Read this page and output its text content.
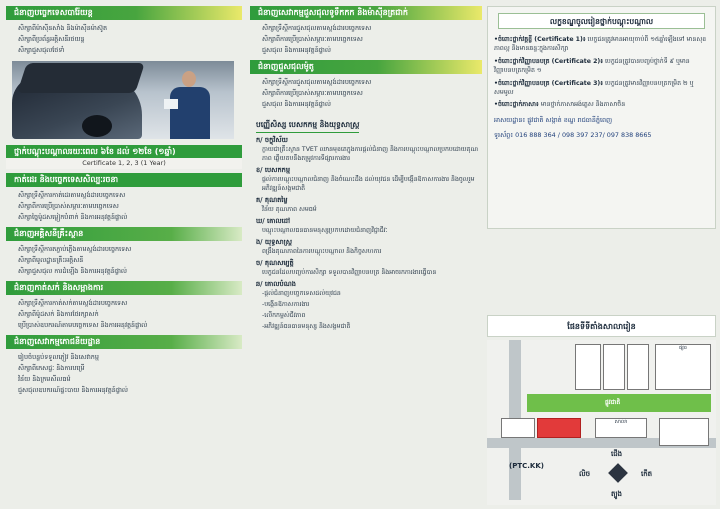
ជំនាញបច្ចេកទេសបារ៉ែយន្ត
• សិក្សាពីម៉ាស៊ីនសាំង និងម៉ាស៊ីនម៉ាស៊ូត
• សិក្សាពីប្រព័ន្ធអគ្គិសនីរថយន្ត
• សិក្សាជួសជុលថែទាំ
ថ្នាក់បណ្តុះបណ្តាលរយៈពេល ៦ខែ ដល់ ១២ខែ (១ឆ្នាំ)
Certificate 1, 2, 3 (1 Year)
កាត់ដេរ និងបច្ចេកទេសសិល្បៈរចនា
• សិក្សាទ្រឹស្តីការកាត់ដេរតាមស្តង់ដារបច្ចេកទេស
• សិក្សាពីការប្រើប្រាស់សម្ភារៈតាមបច្ចេកទេស
• សិក្សាច្នៃម៉ូដសម្លៀកបំពាក់ និងការអនុវត្តន៍ផ្ទាល់
ជំនាញអគ្គិសនីគ្រឹះស្ថាន
• សិក្សាទ្រឹស្តីការតភ្ជាប់ភ្លើងតាមស្តង់ដារបច្ចេកទេស
• សិក្សាពីមូលដ្ឋានគ្រឹះអគ្គិសនី
• សិក្សាជួសជុល ការដំឡើង និងការអនុវត្តន៍ផ្ទាល់
ជំនាញកាត់សក់ និងសម្អាងការ
• សិក្សាទ្រឹស្តីការកាត់សក់តាមស្តង់ដារបច្ចេកទេស
• សិក្សាពីម៉ូដសក់ និងការថែរក្សាសក់
• ប្រើប្រាស់ឧបករណ៍តាមបច្ចេកទេស និងការអនុវត្តន៍ផ្ទាល់
ជំនាញសេវាកម្មភោជនីយដ្ឋាន
• រៀបចំបន្ទប់ទទួលភ្ញៀវ និងសេវាកម្ម
• សិក្សាពីភេសជ្ជៈ និងការបម្រើ
• វិន័យ និងក្រមសីលធម៌
• ជួសជុលឧបករណ៍ផ្ទះបាយ និងការអនុវត្តន៍ផ្ទាល់
ជំនាញសេវាកម្មជួសជុលទូទឹកកក និងម៉ាស៊ីនត្រជាក់
• សិក្សាទ្រឹស្តីការជួសជុលតាមស្តង់ដារបច្ចេកទេស
• សិក្សាពីការប្រើប្រាស់សម្ភារៈតាមបច្ចេកទេស
• ជួសជុល និងការអនុវត្តន៍ផ្ទាល់
ជំនាញជួសជុលម៉ូតូ
• សិក្សាទ្រឹស្តីការជួសជុលតាមស្តង់ដារបច្ចេកទេស
• សិក្សាពីការប្រើប្រាស់សម្ភារៈតាមបច្ចេកទេស
• ជួសជុល និងការអនុវត្តន៍ផ្ទាល់
បញ្ញើសិស្ស បេសកកម្ម និងយុទ្ធសាស្ត្រ
ក/ ចក្ខុវិស័យ
ក្លាយជាគ្រឹះស្ថាន TVET ឈានមុខគេក្នុងការផ្តល់ជំនាញ និងការបណ្តុះបណ្តាលប្រកបដោយគុណភាព ឆ្លើយតបនឹងតម្រូវការទីផ្សារការងារ
ខ/ បេសកកម្ម
ផ្តល់ការបណ្តុះបណ្តាលជំនាញ និងចំណេះដឹង ដល់យុវជន ដើម្បីបង្កើនឱកាសការងារ និងចូលរួមអភិវឌ្ឍន៍សង្គមជាតិ
គ/ គុណតម្លៃ
វិន័យ គុណភាព សមធម៌
ឃ/ គោលដៅ
បណ្តុះបណ្តាលធនធានមនុស្សប្រកបដោយជំនាញវិជ្ជាជីវៈ
ង/ យុទ្ធសាស្ត្រ
ពង្រឹងគុណភាពនៃការបណ្តុះបណ្តាល និងកិច្ចសហការ
ច/ គុណសម្បត្តិ
បេក្ខជនដែលបញ្ចប់ការសិក្សា ទទួលបានវិញ្ញាបនបត្រ និងអាចរកការងារធ្វើបាន
ឆ/ គោលបំណង
-ផ្តល់ជំនាញបច្ចេកទេសដល់យុវជន
-បង្កើនឱកាសការងារ
-លើកកម្ពស់ជីវភាព
-អភិវឌ្ឍន៍ធនធានមនុស្ស និងសង្គមជាតិ
លក្ខខណ្ឌចូលរៀនថ្នាក់បណ្តុះបណ្តាល
•ចំពោះថ្នាក់វគ្គខ្លី (Certificate 1)៖ បេក្ខជនត្រូវមានអាយុចាប់ពី ១៥ឆ្នាំឡើងទៅ មានសុខភាពល្អ និងមានឆន្ទៈក្នុងការសិក្សា
•ចំពោះថ្នាក់វិញ្ញាបនបត្រ (Certificate 2)៖ បេក្ខជនត្រូវបានបញ្ចប់ថ្នាក់ទី ៩ ឬមានវិញ្ញាបនបត្រកម្រិត ១
•ចំពោះថ្នាក់វិញ្ញាបនបត្រ (Certificate 3)៖ បេក្ខជនត្រូវមានវិញ្ញាបនបត្រកម្រិត ២ ឬសមមូល
•ចំពោះថ្នាក់ភាសា៖ មានថ្នាក់ភាសាអង់គ្លេស និងភាសាចិន
អាសយដ្ឋាន៖ ផ្លូវជាតិ សង្កាត់ ខណ្ឌ រាជធានីភ្នំពេញ
ទូរស័ព្ទ៖ 016 888 364 / 098 397 237/ 097 838 8665
ផែនទីទីតាំងសាលារៀន
ផ្សារ
ផ្លូវជាតិ
សាលា
(PTC.KK)
ជើង
ត្បូង
កើត
លិច
